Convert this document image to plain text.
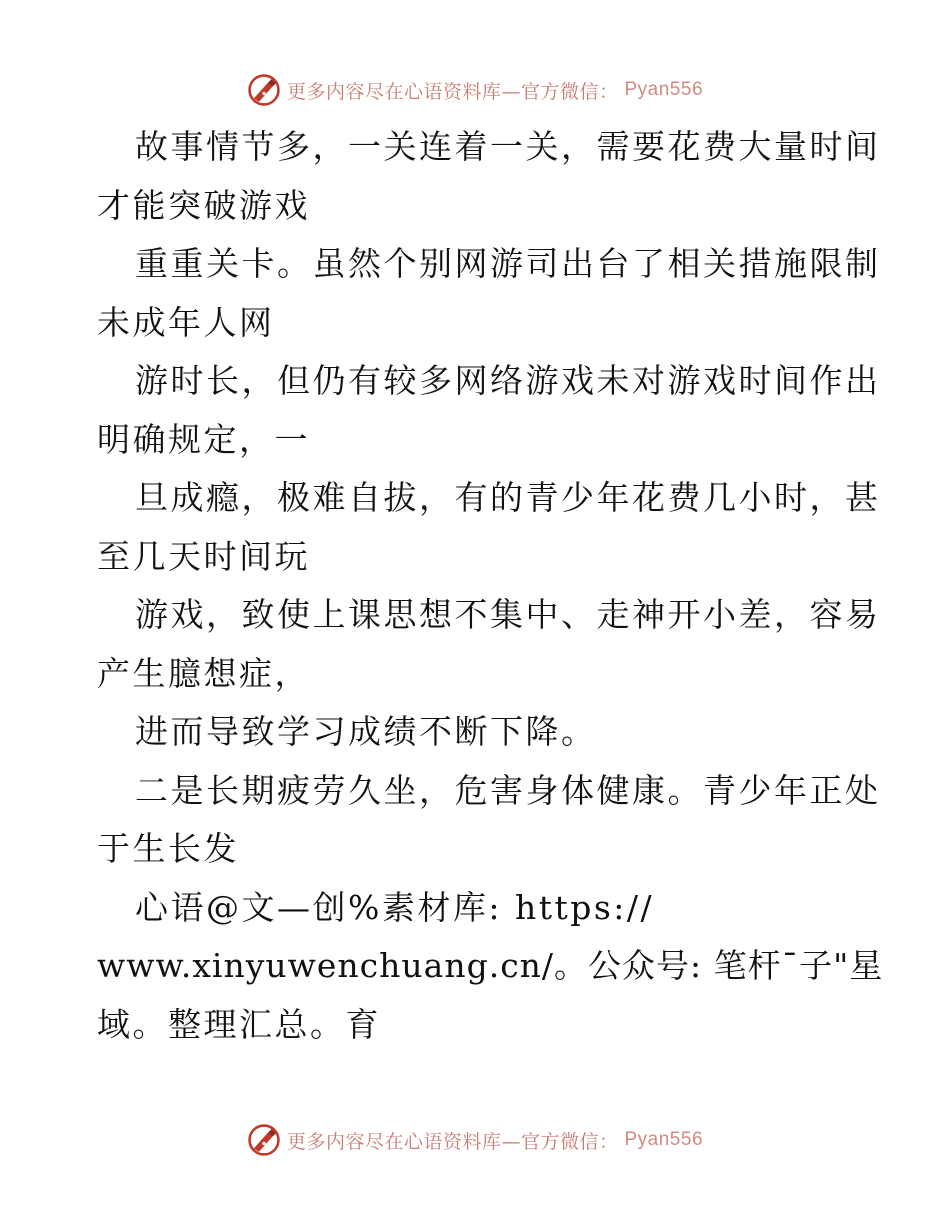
更多内容尽在心语资料库—官方微信： Pyan556
故事情节多，一关连着一关，需要花费大量时间
才能突破游戏
重重关卡。虽然个别网游司出台了相关措施限制
未成年人网
游时长，但仍有较多网络游戏未对游戏时间作出
明确规定，一
旦成瘾，极难自拔，有的青少年花费几小时，甚
至几天时间玩
游戏，致使上课思想不集中、走神开小差，容易
产生臆想症，
进而导致学习成绩不断下降。
二是长期疲劳久坐，危害身体健康。青少年正处
于生长发
心语@文—创%素材库: https://
www.xinyuwenchuang.cn/。公众号: 笔杆¯子"星
域。整理汇总。育
更多内容尽在心语资料库—官方微信： Pyan556
